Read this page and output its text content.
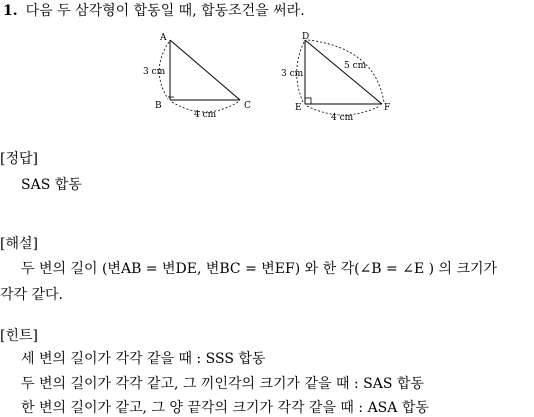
1. 다음 두 삼각형이 합동일 때, 합동조건을 써라.
A
B	C
3 cm
4 cm
D
E	F
3 cm
5 cm
4 cm
[정답]
SAS 합동
[해설]
두 변의 길이 (변AB = 변DE, 변BC = 변EF) 와 한 각(∠B = ∠E ) 의 크기가
각각 같다.
[힌트]
세 변의 길이가 각각 같을 때 : SSS 합동
두 변의 길이가 각각 같고, 그 끼인각의 크기가 같을 때 : SAS 합동
한 변의 길이가 같고, 그 양 끝각의 크기가 각각 같을 때 : ASA 합동
